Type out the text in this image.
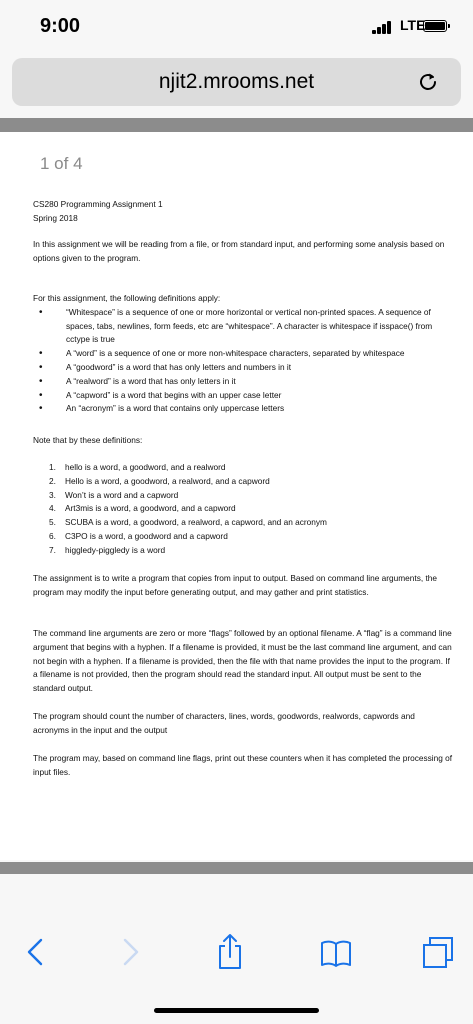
9:00	LTE
njit2.mrooms.net
1 of 4
CS280 Programming Assignment 1
Spring 2018
In this assignment we will be reading from a file, or from standard input, and performing some analysis based on options given to the program.
For this assignment, the following definitions apply:
• “Whitespace” is a sequence of one or more horizontal or vertical non-printed spaces. A sequence of spaces, tabs, newlines, form feeds, etc are “whitespace”. A character is whitespace if isspace() from cctype is true
• A “word” is a sequence of one or more non-whitespace characters, separated by whitespace
• A “goodword” is a word that has only letters and numbers in it
• A “realword” is a word that has only letters in it
• A “capword” is a word that begins with an upper case letter
• An “acronym” is a word that contains only uppercase letters
Note that by these definitions:
1. hello is a word, a goodword, and a realword
2. Hello is a word, a goodword, a realword, and a capword
3. Won’t is a word and a capword
4. Art3mis is a word, a goodword, and a capword
5. SCUBA is a word, a goodword, a realword, a capword, and an acronym
6. C3PO is a word, a goodword and a capword
7. higgledy-piggledy is a word
The assignment is to write a program that copies from input to output. Based on command line arguments, the program may modify the input before generating output, and may gather and print statistics.
The command line arguments are zero or more “flags” followed by an optional filename. A “flag” is a command line argument that begins with a hyphen. If a filename is provided, it must be the last command line argument, and can not begin with a hyphen. If a filename is provided, then the file with that name provides the input to the program. If a filename is not provided, then the program should read the standard input. All output must be sent to the standard output.
The program should count the number of characters, lines, words, goodwords, realwords, capwords and acronyms in the input and the output
The program may, based on command line flags, print out these counters when it has completed the processing of input files.
